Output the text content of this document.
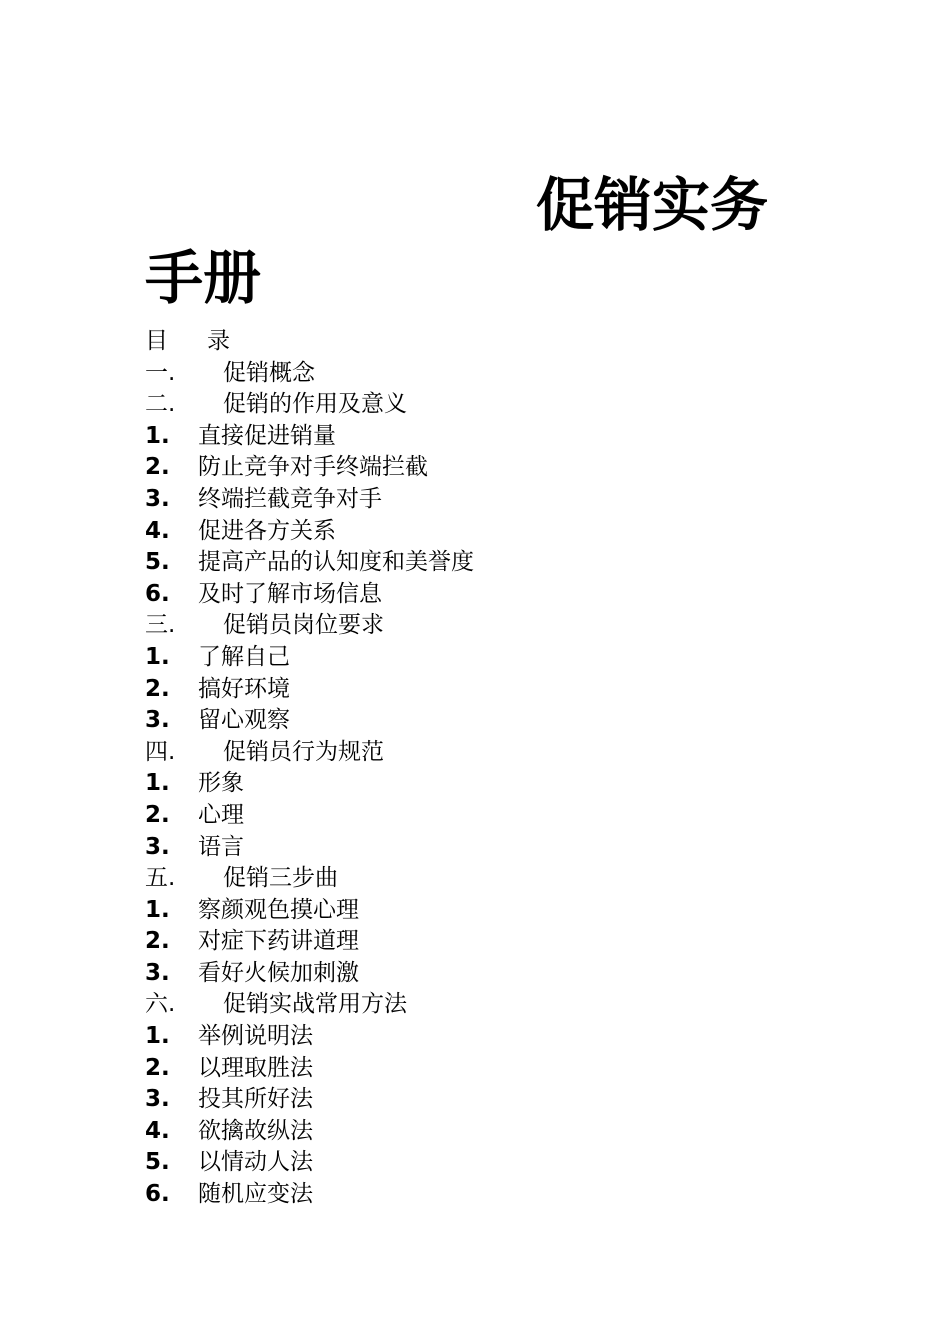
促销实务
手册
目 录
一. 促销概念
二. 促销的作用及意义
1. 直接促进销量
2. 防止竞争对手终端拦截
3. 终端拦截竞争对手
4. 促进各方关系
5. 提高产品的认知度和美誉度
6. 及时了解市场信息
三. 促销员岗位要求
1. 了解自己
2. 搞好环境
3. 留心观察
四. 促销员行为规范
1. 形象
2. 心理
3. 语言
五. 促销三步曲
1. 察颜观色摸心理
2. 对症下药讲道理
3. 看好火候加刺激
六. 促销实战常用方法
1. 举例说明法
2. 以理取胜法
3. 投其所好法
4. 欲擒故纵法
5. 以情动人法
6. 随机应变法
